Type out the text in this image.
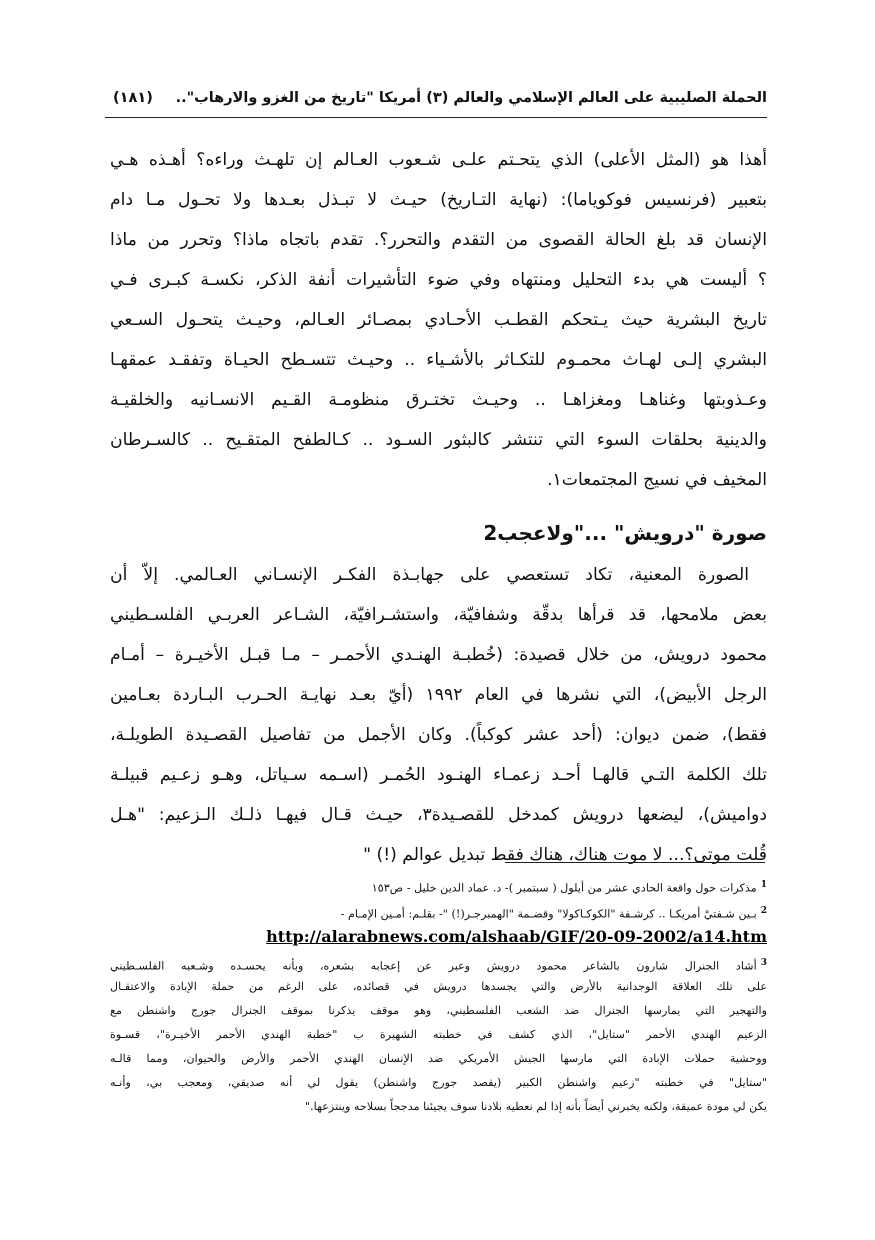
الحملة الصليبية على العالم الإسلامي والعالم (٣) أمريكا "تاريخ من الغزو والارهاب"..
(١٨١)
أهذا هو (المثل الأعلى) الذي يتحـتم علـى شـعوب العـالم إن تلهـث وراءه؟ أهـذه هـي
بتعبير (فرنسيس فوكوياما): (نهاية التـاريخ) حيـث لا تبـذل بعـدها ولا تحـول مـا دام
الإنسان قد بلغ الحالة القصوى من التقدم والتحرر؟. تقدم باتجاه ماذا؟ وتحرر من ماذا
؟ أليست هي بدء التحليل ومنتهاه وفي ضوء التأشيرات أنفة الذكر، نكسـة كبـرى فـي
تاريخ البشرية حيث يـتحكم القطـب الأحـادي بمصـائر العـالم، وحيـث يتحـول السـعي
البشري إلـى لهـاث محمـوم للتكـاثر بالأشـياء .. وحيـث تتسـطح الحيـاة وتفقـد عمقهـا
وعـذوبتها وغناهـا ومغزاهـا .. وحيـث تختـرق منظومـة القـيم الانسـانيه والخلقيـة
والدينية بحلقات السوء التي تنتشر كالبثور السـود .. كـالطفح المتقـيح .. كالسـرطان
المخيف في نسيج المجتمعات١.
صورة "درويش" ..."ولاعجب2
الصورة المعنية، تكاد تستعصي على جهابـذة الفكـر الإنسـاني العـالمي. إلاّ أن
بعض ملامحها، قد قرأها بدقّة وشفافيّة، واستشـرافيّة، الشـاعر العربـي الفلسـطيني
محمود درويش، من خلال قصيدة: (خُطبـة الهنـدي الأحمـر – مـا قبـل الأخيـرة – أمـام
الرجل الأبيض)، التي نشرها في العام ١٩٩٢ (أيّ بعـد نهايـة الحـرب البـاردة بعـامين
فقط)، ضمن ديوان: (أحد عشر كوكباً). وكان الأجمل من تفاصيل القصـيدة الطويلـة،
تلك الكلمة التـي قالهـا أحـد زعمـاء الهنـود الحُمـر (اسـمه سـياتل، وهـو زعـيم قبيلـة
دواميش)، ليضعها درويش كمدخل للقصـيدة٣، حيـث قـال فيهـا ذلـك الـزعيم: "هـل
قُلت موتى؟... لا موت هناك، هناك فقط تبديل عوالم (!) "
$^1$مذكرات حول واقعة الحادي عشر من أيلول ( سبتمبر )- د. عماد الدين خليل - ص١٥٣
$^2$بـين شـفتيْ أمريكـا .. كرشـفة "الكوكـاكولا" وقضـمة "الهمبرجـر(!) "- بقلـم: أمـين الإمـام -
http://alarabnews.com/alshaab/GIF/20-09-2002/a14.htm
$^3$أشاد الجنرال شارون بالشاعر محمود درويش وعبر عن إعجابه بشعره، وبأنه يحسـده وشـعبه الفلسـطيني
على تلك العلاقة الوجدانية بالأرض والتي يجسدها درويش في قصائده، على الرغم من حملة الإبادة والاعتقـال
والتهجير التي يمارسها الجنرال ضد الشعب الفلسطيني، وهو موقف يذكرنا بموقف الجنرال جورج واشنطن مع
الزعيم الهندي الأحمر "ستايل"، الذي كشف في خطبته الشهيرة ب "خطبة الهندي الأحمر الأخيـرة"، قسـوة
ووحشية حملات الإبادة التي مارسها الجيش الأمريكي ضد الإنسان الهندي الأحمر والأرض والحيوان، ومما قالـه
"ستايل" في خطبته "زعيم واشنطن الكبير (يقصد جورج واشنطن) يقول لي أنه صديقي، ومعجب بي، وأنـه
يكن لي مودة عميقة، ولكنه يخبرني أيضاً بأنه إذا لم نعطيه بلادنا سوف يجيئنا مدججاً بسلاحه وينتزعها."
